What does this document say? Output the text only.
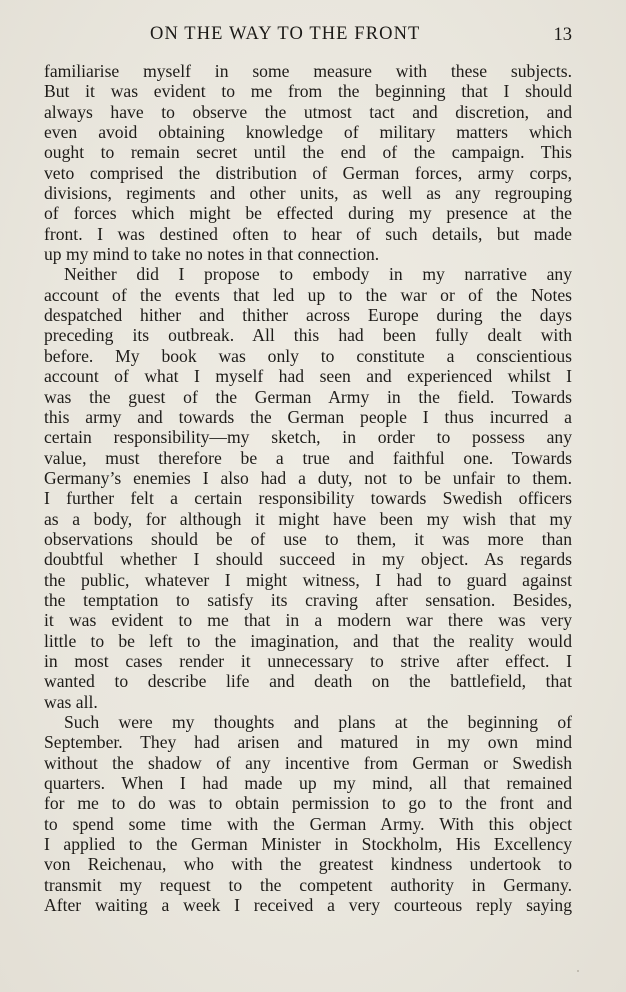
ON THE WAY TO THE FRONT	13
familiarise myself in some measure with these subjects.
But it was evident to me from the beginning that I should
always have to observe the utmost tact and discretion, and
even avoid obtaining knowledge of military matters which
ought to remain secret until the end of the campaign. This
veto comprised the distribution of German forces, army corps,
divisions, regiments and other units, as well as any regrouping
of forces which might be effected during my presence at the
front. I was destined often to hear of such details, but made
up my mind to take no notes in that connection.
Neither did I propose to embody in my narrative any
account of the events that led up to the war or of the Notes
despatched hither and thither across Europe during the days
preceding its outbreak. All this had been fully dealt with
before. My book was only to constitute a conscientious
account of what I myself had seen and experienced whilst I
was the guest of the German Army in the field. Towards
this army and towards the German people I thus incurred a
certain responsibility—my sketch, in order to possess any
value, must therefore be a true and faithful one. Towards
Germany’s enemies I also had a duty, not to be unfair to them.
I further felt a certain responsibility towards Swedish officers
as a body, for although it might have been my wish that my
observations should be of use to them, it was more than
doubtful whether I should succeed in my object. As regards
the public, whatever I might witness, I had to guard against
the temptation to satisfy its craving after sensation. Besides,
it was evident to me that in a modern war there was very
little to be left to the imagination, and that the reality would
in most cases render it unnecessary to strive after effect. I
wanted to describe life and death on the battlefield, that
was all.
Such were my thoughts and plans at the beginning of
September. They had arisen and matured in my own mind
without the shadow of any incentive from German or Swedish
quarters. When I had made up my mind, all that remained
for me to do was to obtain permission to go to the front and
to spend some time with the German Army. With this object
I applied to the German Minister in Stockholm, His Excellency
von Reichenau, who with the greatest kindness undertook to
transmit my request to the competent authority in Germany.
After waiting a week I received a very courteous reply saying
